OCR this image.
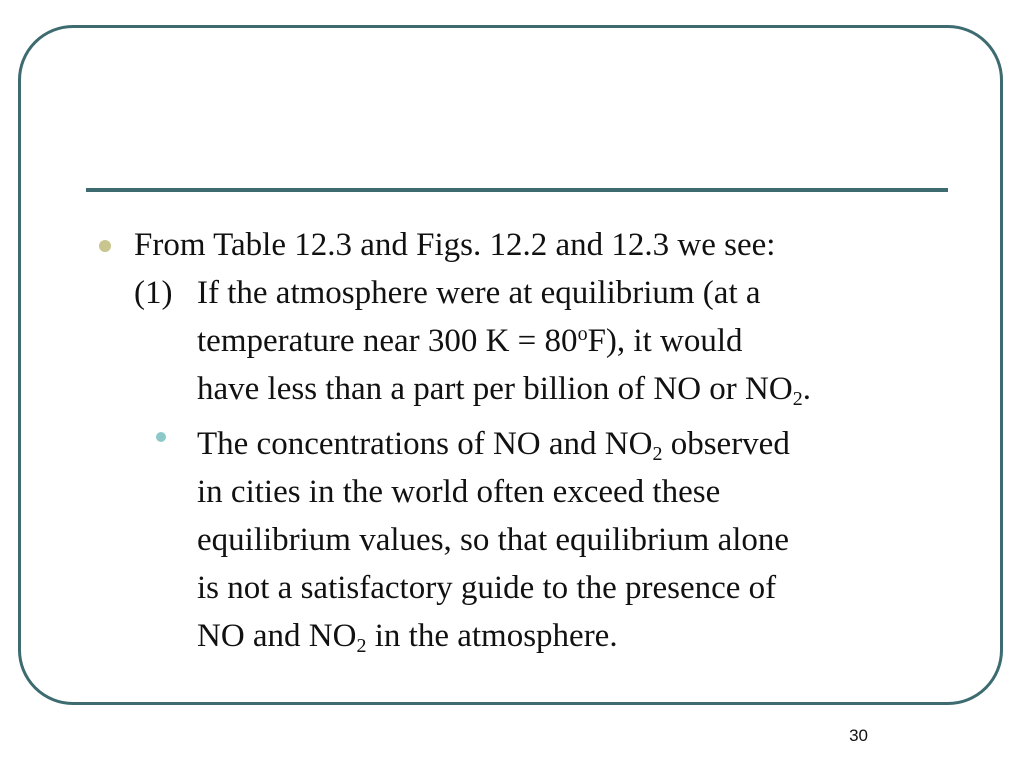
From Table 12.3 and Figs. 12.2 and 12.3 we see:
(1) If the atmosphere were at equilibrium (at a
temperature near 300 $K = 80^oF$), it would
have less than a part per billion of NO or $NO_2$.
The concentrations of NO and $NO_2$ observed
in cities in the world often exceed these
equilibrium values, so that equilibrium alone
is not a satisfactory guide to the presence of
NO and $NO_2$ in the atmosphere.
30
